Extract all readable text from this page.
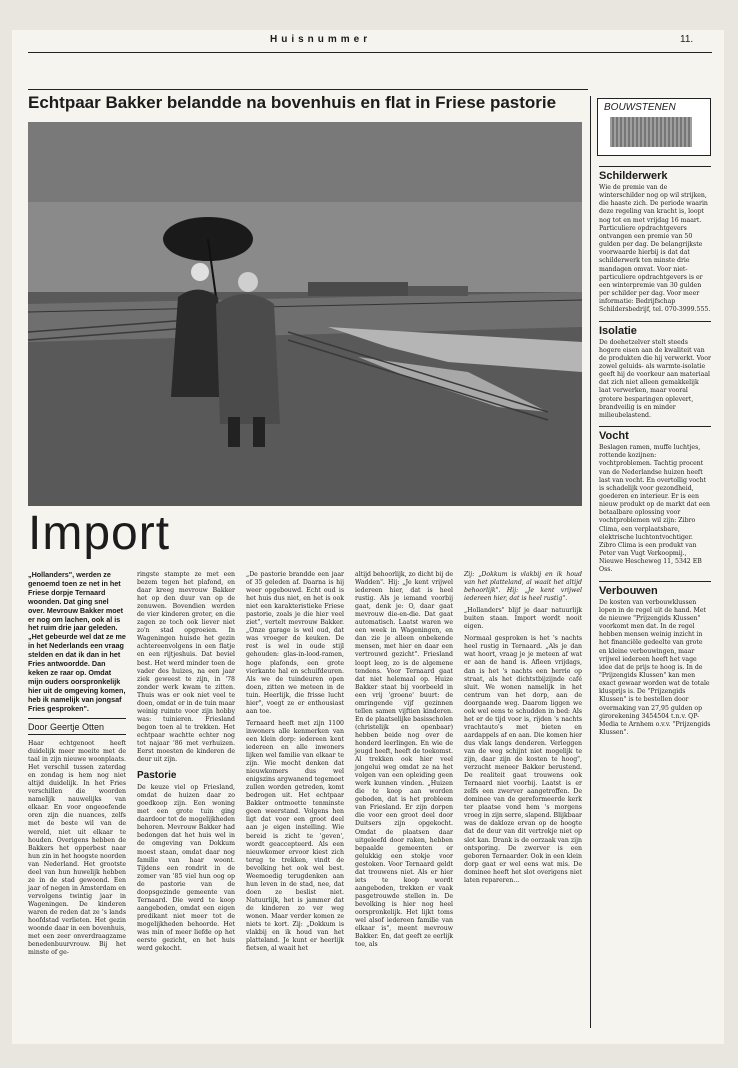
Huisnummer	11.
Echtpaar Bakker belandde na bovenhuis en flat in Friese pastorie
Import
„Hollanders", werden ze genoemd toen ze net in het Friese dorpje Ternaard woonden. Dat ging snel over. Mevrouw Bakker moet er nog om lachen, ook al is het ruim drie jaar geleden. „Het gebeurde wel dat ze me in het Nederlands een vraag stelden en dat ik dan in het Fries antwoordde. Dan keken ze raar op. Omdat mijn ouders oorspronkelijk hier uit de omgeving komen, heb ik namelijk van jongsaf Fries gesproken".
Door Geertje Otten

Haar echtgenoot heeft duidelijk meer moeite met de taal in zijn nieuwe woonplaats. Het verschil tussen zaterdag en zondag is hem nog niet altijd duidelijk. In het Fries verschillen die woorden namelijk nauwelijks van elkaar. En voor ongeoefende oren zijn die nuances, zelfs met de beste wil van de wereld, niet uit elkaar te houden. Overigens hebben de Bakkers het opperbest naar hun zin in het hoogste noorden van Nederland. Het grootste deel van hun huwelijk hebben ze in de stad gewoond. Een jaar of negen in Amsterdam en vervolgens twintig jaar in Wageningen. De kinderen waren de reden dat ze 's lands hoofdstad verlieten. Het gezin woonde daar in een bovenhuis, met een zeer onverdraagzame benedenbuurvrouw. Bij het minste of ge-

ringste stampte ze met een bezem tegen het plafond, en daar kreeg mevrouw Bakker het op den duur van op de zenuwen. Bovendien werden de vier kinderen groter, en die zagen ze toch ook liever niet zo'n stad opgroeien. In Wageningen huisde het gezin achtereenvolgens in een flatje en een rijtjeshuis. Dat beviel best. Het werd minder toen de vader des huizes, na een jaar ziek geweest te zijn, in '78 zonder werk kwam te zitten. Thuis was er ook niet veel te doen, omdat er in de tuin maar weinig ruimte voor zijn hobby was: tuinieren. Friesland begon toen al te trekken. Het echtpaar wachtte echter nog tot najaar '86 met verhuizen. Eerst moesten de kinderen de deur uit zijn.

Pastorie

De keuze viel op Friesland, omdat de huizen daar zo goedkoop zijn. Een woning met een grote tuin ging daardoor tot de mogelijkheden behoren. Mevrouw Bakker had bedongen dat het huis wel in de omgeving van Dokkum moest staan, omdat daar nog familie van haar woont. Tijdens een rondrit in de zomer van '85 viel hun oog op de pastorie van de doopsgezinde gemeente van Ternaard. Die werd te koop aangeboden, omdat een eigen predikant niet meer tot de mogelijkheden behoorde. Het was min of meer liefde op het eerste gezicht, en het huis werd gekocht.

„De pastorie brandde een jaar of 35 geleden af. Daarna is hij weer opgebouwd. Echt oud is het huis dus niet, en het is ook niet een karakteristieke Friese pastorie, zoals je die hier veel ziet", vertelt mevrouw Bakker. „Onze garage is wel oud, dat was vroeger de keuken. De rest is wel in oude stijl gehouden: glas-in-lood-ramen, hoge plafonds, een grote vierkante hal en schuifdeuren. Als we de tuindeuren open doen, zitten we meteen in de tuin. Heerlijk, die frisse lucht hier", voegt ze er enthousiast aan toe.

Ternaard heeft met zijn 1100 inwoners alle kenmerken van een klein dorp: iedereen kent iedereen en alle inwoners lijken wel familie van elkaar te zijn. Wie mocht denken dat nieuwkomers dus wel enigszins argwanend tegemoet zullen worden getreden, komt bedrogen uit. Het echtpaar Bakker ontmoette tenminste geen weerstand. Volgens hen ligt dat voor een groot deel aan je eigen instelling. Wie bereid is zicht te 'geven', wordt geaccepteerd. Als een nieuwkomer ervoor kiest zich terug te trekken, vindt de bevolking het ook wel best. Weemoedig terugdenken aan hun leven in de stad, nee, dat doen ze beslist niet. Natuurlijk, het is jammer dat de kinderen zo ver weg wonen. Maar verder komen ze niets te kort. Zij: „Dokkum is vlakbij en ik houd van het platteland. Je kunt er heerlijk fietsen, al waait het

altijd behoorlijk, zo dicht bij de Wadden". Hij: „Je kent vrijwel iedereen hier, dat is heel rustig. Als je iemand voorbij gaat, denk je: O, daar gaat mevrouw die-en-die. Dat gaat automatisch. Laatst waren we een week in Wageningen, en dan zie je alleen onbekende mensen, met hier en daar een vertrouwd gezicht". Friesland loopt leeg, zo is de algemene tendens. Voor Ternaard gaat dat niet helemaal op. Huize Bakker staat bij voorbeeld in een vrij 'groene' buurt: de omringende vijf gezinnen tellen samen vijftien kinderen. En de plaatselijke basisscholen (christelijk en openbaar) hebben beide nog over de honderd leerlingen. En wie de jeugd heeft, heeft de toekomst. Al trekken ook hier veel jongelui weg omdat ze na het volgen van een opleiding geen werk kunnen vinden. „Huizen die te koop aan worden geboden, dat is het probleem van Friesland. Er zijn dorpen die voor een groot deel door Duitsers zijn opgekocht. Omdat de plaatsen daar uitgeleefd door raken, hebben bepaalde gemeenten er gelukkig een stokje voor gestoken. Voor Ternaard geldt dat trouwens niet. Als er hier iets te koop wordt aangeboden, trekken er vaak pasgetrouwde stellen in. De bevolking is hier nog heel oorspronkelijk. Het lijkt toms wel alsof iedereen familie van elkaar is", meent mevrouw Bakker. En, dat geeft ze eerlijk toe, als

Zij: „Dokkum is vlakbij en ik houd van het platteland, al waait het altijd behoorlijk". Hij: „Je kent vrijwel iedereen hier, dat is heel rustig".

„Hollanders" blijf je daar natuurlijk buiten staan. Import wordt nooit eigen.

Normaal gesproken is het 's nachts heel rustig in Ternaard. „Als je dan wat hoort, vraag je je meteen af wat er aan de hand is. Afleen vrijdags, dan is het 's nachts een herrie op straat, als het dichtstbijzijnde café sluit. We wonen namelijk in het centrum van het dorp, aan de doorgaande weg. Daarom liggen we ook wel eens te schudden in bed: Als het er de tijd voor is, rijden 's nachts vrachtauto's met bieten en aardappels af en aan. Die komen hier dus vlak langs denderen. Verleggen van de weg schijnt niet mogelijk te zijn, daar zijn de kosten te hoog", verzucht meneer Bakker berustend. De realiteit gaat trouwens ook Ternaard niet voorbij. Laatst is er zelfs een zwerver aangetroffen. De dominee van de gereformeerde kerk ter plaatse vond hem 's morgens vroeg in zijn serre, slapend. Blijkbaar was de dakloze ervan op de hoogte dat de deur van dit vertrekje niet op slot kan. Drank is de oorzaak van zijn ontsporing. De zwerver is een geboren Ternaarder. Ook in een klein dorp gaat er wel eens wat mis. De dominee heeft het slot overigens niet laten repareren...

BOUWSTENEN
Schilderwerk
Wie de premie van de winterschilder nog op wil strijken, die haaste zich. De periode waarin deze regeling van kracht is, loopt nog tot en met vrijdag 16 maart. Particuliere opdrachtgevers ontvangen een premie van 50 gulden per dag. De belangrijkste voorwaarde hierbij is dat dat schilderwerk ten minste drie mandagen omvat. Voor niet-particuliere opdrachtgevers is er een winterpremie van 30 gulden per schilder per dag. Voor meer informatie: Bedrijfschap Schildersbedrijf, tel. 070-3999.555.
Isolatie
De doehetzelver stelt steeds hogere eisen aan de kwaliteit van de produkten die hij verwerkt. Voor zowel geluids- als warmte-isolatie geeft hij de voorkeur aan materiaal dat zich niet alleen gemakkelijk laat verwerken, maar vooral grotere besparingen oplevert, brandveilig is en minder milieubelastend.
Vocht
Beslagen ramen, muffe luchtjes, rottende kozijnen: vochtproblemen. Tachtig procent van de Nederlandse huizen heeft last van vocht. En overtollig vocht is schadelijk voor gezondheid, goederen en interieur. Er is een nieuw produkt op de markt dat een betaalbare oplossing voor vochtproblemen wil zijn: Zibro Clima, een verplaatsbare, elektrische luchtontvochtiger. Zibro Clima is een produkt van Peter van Vugt Verkoopmij., Nieuwe Hescheweg 11, 5342 EB Oss.
Verbouwen
De kosten van verbouwklussen lopen in de regel uit de hand. Met de nieuwe "Prijzengids Klussen" voorkomt men dat. In de regel hebben mensen weinig inzicht in het financiële gedeelte van grote en kleine verbouwingen, maar vrijwel iedereen heeft het vage idee dat de prijs te hoog is. In de "Prijzengids Klussen" kan men exact gewaar worden wat de totale klusprijs is. De "Prijzengids Klussen" is te bestellen door overmaking van 27,95 gulden op girorekening 3454504 t.n.v. QP-Media te Arnhem o.v.v. "Prijzengids Klussen".
